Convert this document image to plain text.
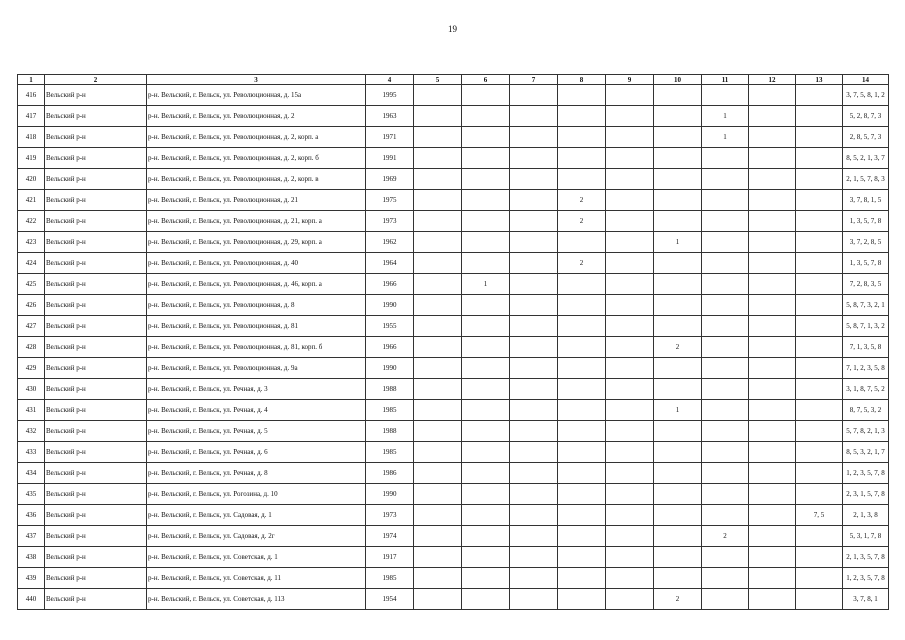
19
1	2	3	4	5	6	7	8	9	10	11	12	13	14
416	Вельский р-н	р-н. Вельский, г. Вельск, ул. Революционная, д. 15а	1995										3, 7, 5, 8, 1, 2
417	Вельский р-н	р-н. Вельский, г. Вельск, ул. Революционная, д. 2	1963							1			5, 2, 8, 7, 3
418	Вельский р-н	р-н. Вельский, г. Вельск, ул. Революционная, д. 2, корп. а	1971							1			2, 8, 5, 7, 3
419	Вельский р-н	р-н. Вельский, г. Вельск, ул. Революционная, д. 2, корп. б	1991										8, 5, 2, 1, 3, 7
420	Вельский р-н	р-н. Вельский, г. Вельск, ул. Революционная, д. 2, корп. в	1969										2, 1, 5, 7, 8, 3
421	Вельский р-н	р-н. Вельский, г. Вельск, ул. Революционная, д. 21	1975				2						3, 7, 8, 1, 5
422	Вельский р-н	р-н. Вельский, г. Вельск, ул. Революционная, д. 21, корп. а	1973				2						1, 3, 5, 7, 8
423	Вельский р-н	р-н. Вельский, г. Вельск, ул. Революционная, д. 29, корп. а	1962						1				3, 7, 2, 8, 5
424	Вельский р-н	р-н. Вельский, г. Вельск, ул. Революционная, д. 40	1964				2						1, 3, 5, 7, 8
425	Вельский р-н	р-н. Вельский, г. Вельск, ул. Революционная, д. 46, корп. а	1966		1								7, 2, 8, 3, 5
426	Вельский р-н	р-н. Вельский, г. Вельск, ул. Революционная, д. 8	1990										5, 8, 7, 3, 2, 1
427	Вельский р-н	р-н. Вельский, г. Вельск, ул. Революционная, д. 81	1955										5, 8, 7, 1, 3, 2
428	Вельский р-н	р-н. Вельский, г. Вельск, ул. Революционная, д. 81, корп. б	1966						2				7, 1, 3, 5, 8
429	Вельский р-н	р-н. Вельский, г. Вельск, ул. Революционная, д. 9а	1990										7, 1, 2, 3, 5, 8
430	Вельский р-н	р-н. Вельский, г. Вельск, ул. Речная, д. 3	1988										3, 1, 8, 7, 5, 2
431	Вельский р-н	р-н. Вельский, г. Вельск, ул. Речная, д. 4	1985						1				8, 7, 5, 3, 2
432	Вельский р-н	р-н. Вельский, г. Вельск, ул. Речная, д. 5	1988										5, 7, 8, 2, 1, 3
433	Вельский р-н	р-н. Вельский, г. Вельск, ул. Речная, д. 6	1985										8, 5, 3, 2, 1, 7
434	Вельский р-н	р-н. Вельский, г. Вельск, ул. Речная, д. 8	1986										1, 2, 3, 5, 7, 8
435	Вельский р-н	р-н. Вельский, г. Вельск, ул. Рогозина, д. 10	1990										2, 3, 1, 5, 7, 8
436	Вельский р-н	р-н. Вельский, г. Вельск, ул. Садовая, д. 1	1973									7, 5	2, 1, 3, 8
437	Вельский р-н	р-н. Вельский, г. Вельск, ул. Садовая, д. 2г	1974							2			5, 3, 1, 7, 8
438	Вельский р-н	р-н. Вельский, г. Вельск, ул. Советская, д. 1	1917										2, 1, 3, 5, 7, 8
439	Вельский р-н	р-н. Вельский, г. Вельск, ул. Советская, д. 11	1985										1, 2, 3, 5, 7, 8
440	Вельский р-н	р-н. Вельский, г. Вельск, ул. Советская, д. 113	1954						2				3, 7, 8, 1
